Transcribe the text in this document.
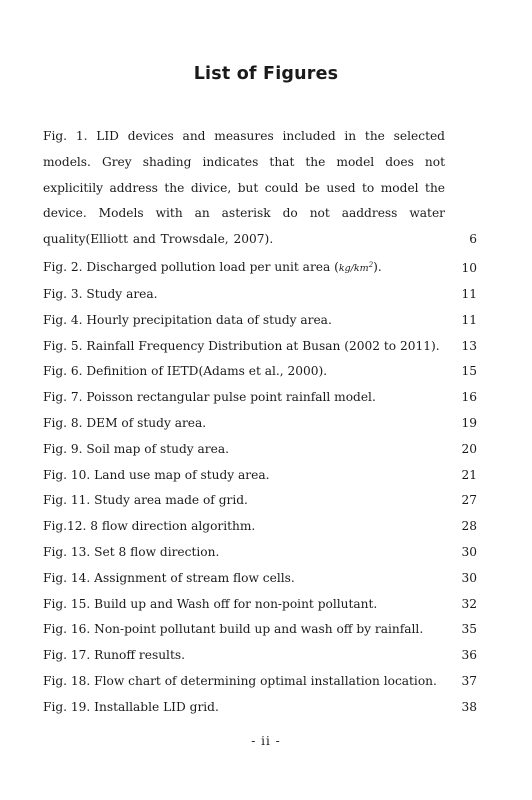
List of Figures
Fig. 1. LID devices and measures included in the selected models. Grey shading indicates that the model does not explicitily address the divice, but could be used to model the device. Models with an asterisk do not aaddress water quality(Elliott and Trowsdale, 2007).	6
Fig. 2. Discharged pollution load per unit area $(kg/km^2)$.	10
Fig. 3. Study area.	11
Fig. 4. Hourly precipitation data of study area.	11
Fig. 5. Rainfall Frequency Distribution at Busan (2002 to 2011). 13
Fig. 6. Definition of IETD(Adams et al., 2000).	15
Fig. 7. Poisson rectangular pulse point rainfall model.	16
Fig. 8. DEM of study area.	19
Fig. 9. Soil map of study area.	20
Fig. 10. Land use map of study area.	21
Fig. 11. Study area made of grid.	27
Fig.12. 8 flow direction algorithm.	28
Fig. 13. Set 8 flow direction.	30
Fig. 14. Assignment of stream flow cells.	30
Fig. 15. Build up and Wash off for non-point pollutant.	32
Fig. 16. Non-point pollutant build up and wash off by rainfall.	35
Fig. 17. Runoff results.	36
Fig. 18. Flow chart of determining optimal installation location. 37
Fig. 19. Installable LID grid.	38
- ii -
